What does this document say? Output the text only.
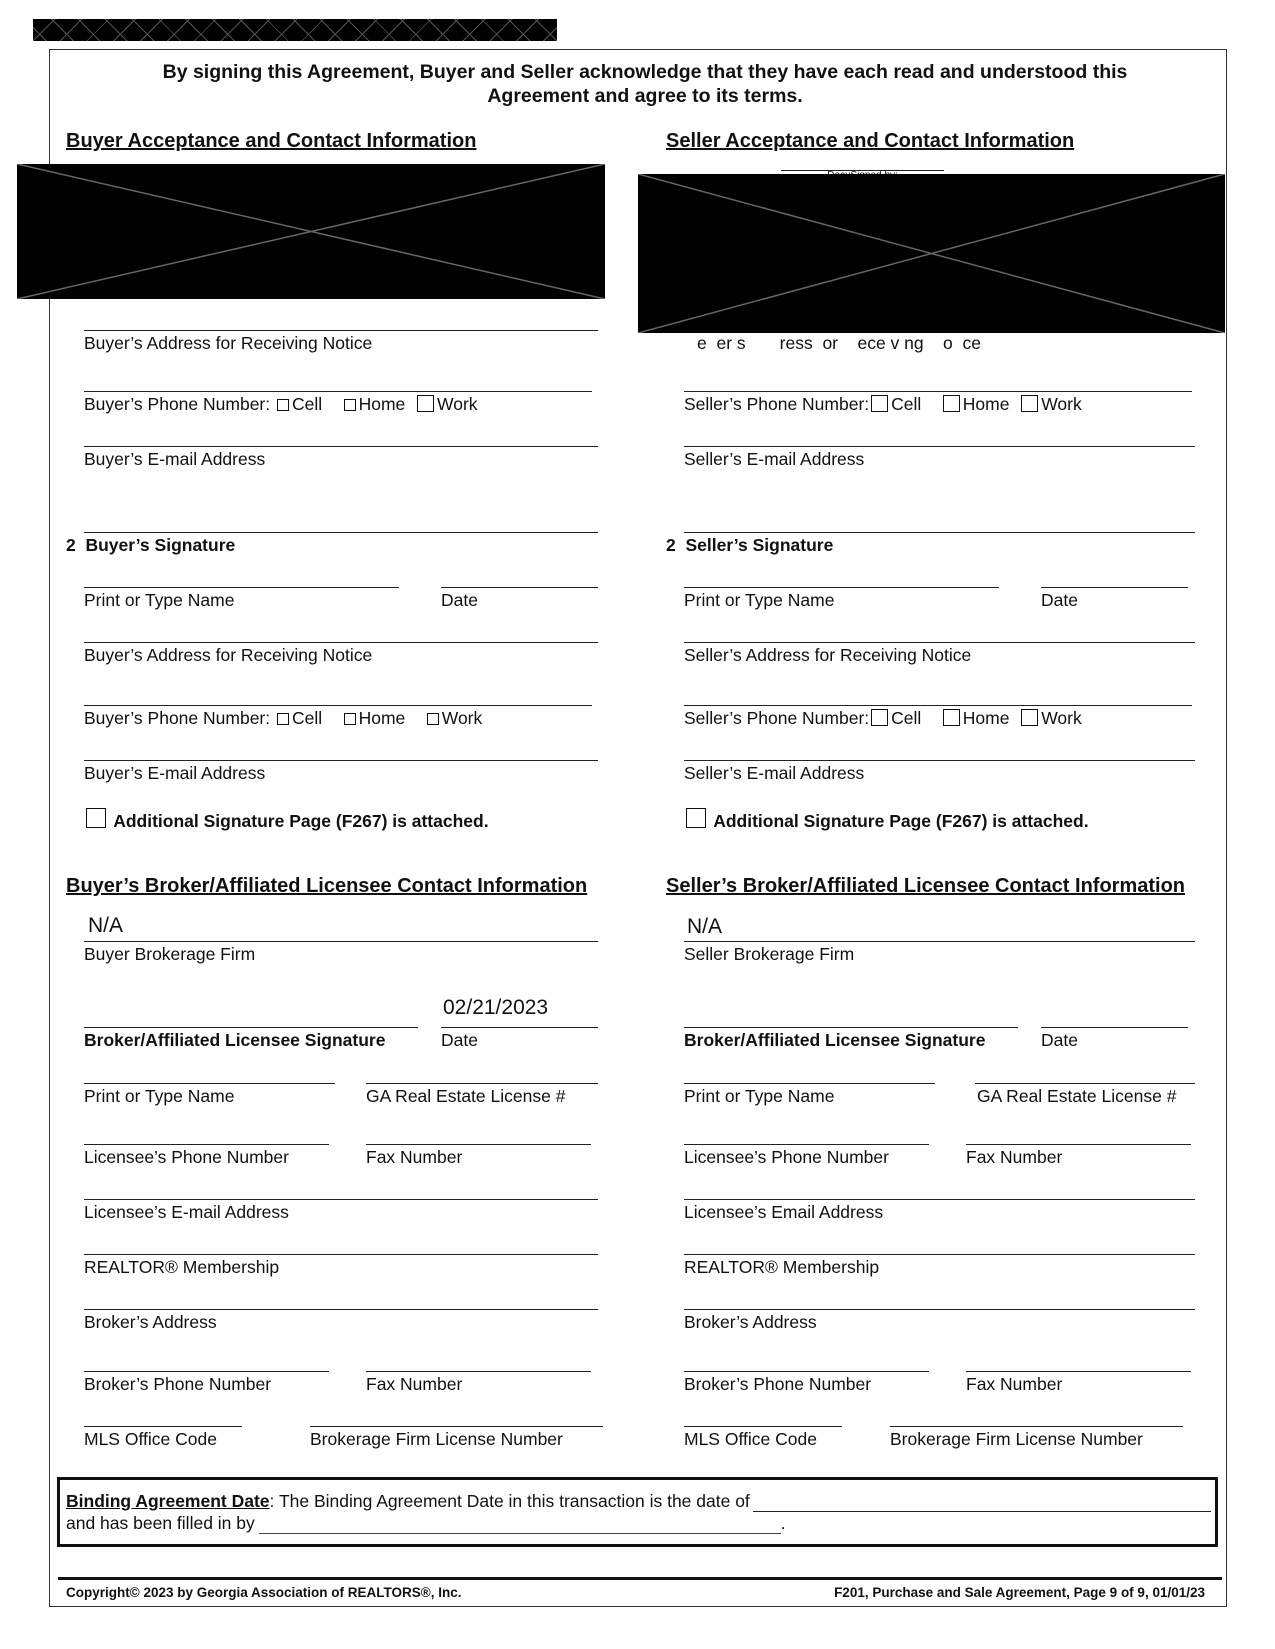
By signing this Agreement, Buyer and Seller acknowledge that they have each read and understood this Agreement and agree to its terms.
Buyer Acceptance and Contact Information
Buyer’s Address for Receiving Notice
Buyer’s Phone Number: Cell Home Work
Buyer’s E-mail Address
2 Buyer’s Signature
Print or Type Name	Date
Buyer’s Address for Receiving Notice
Buyer’s Phone Number: Cell Home Work
Buyer’s E-mail Address
Additional Signature Page (F267) is attached.
Seller Acceptance and Contact Information
e  er s       ress  or    ece v ng    o  ce
Seller’s Phone Number: Cell Home Work
Seller’s E-mail Address
2 Seller’s Signature
Print or Type Name	Date
Seller’s Address for Receiving Notice
Seller’s Phone Number: Cell Home Work
Seller’s E-mail Address
Additional Signature Page (F267) is attached.
Buyer’s Broker/Affiliated Licensee Contact Information
N/A
Buyer Brokerage Firm
02/21/2023
Broker/Affiliated Licensee Signature	Date
Print or Type Name	GA Real Estate License #
Licensee’s Phone Number	Fax Number
Licensee’s E-mail Address
REALTOR® Membership
Broker’s Address
Broker’s Phone Number	Fax Number
MLS Office Code	Brokerage Firm License Number
Seller’s Broker/Affiliated Licensee Contact Information
N/A
Seller Brokerage Firm
Broker/Affiliated Licensee Signature	Date
Print or Type Name	GA Real Estate License #
Licensee’s Phone Number	Fax Number
Licensee’s Email Address
REALTOR® Membership
Broker’s Address
Broker’s Phone Number	Fax Number
MLS Office Code	Brokerage Firm License Number
Binding Agreement Date : The Binding Agreement Date in this transaction is the date of
and has been filled in by	.
Copyright© 2023 by Georgia Association of REALTORS®, Inc.	F201, Purchase and Sale Agreement, Page 9 of 9, 01/01/23
